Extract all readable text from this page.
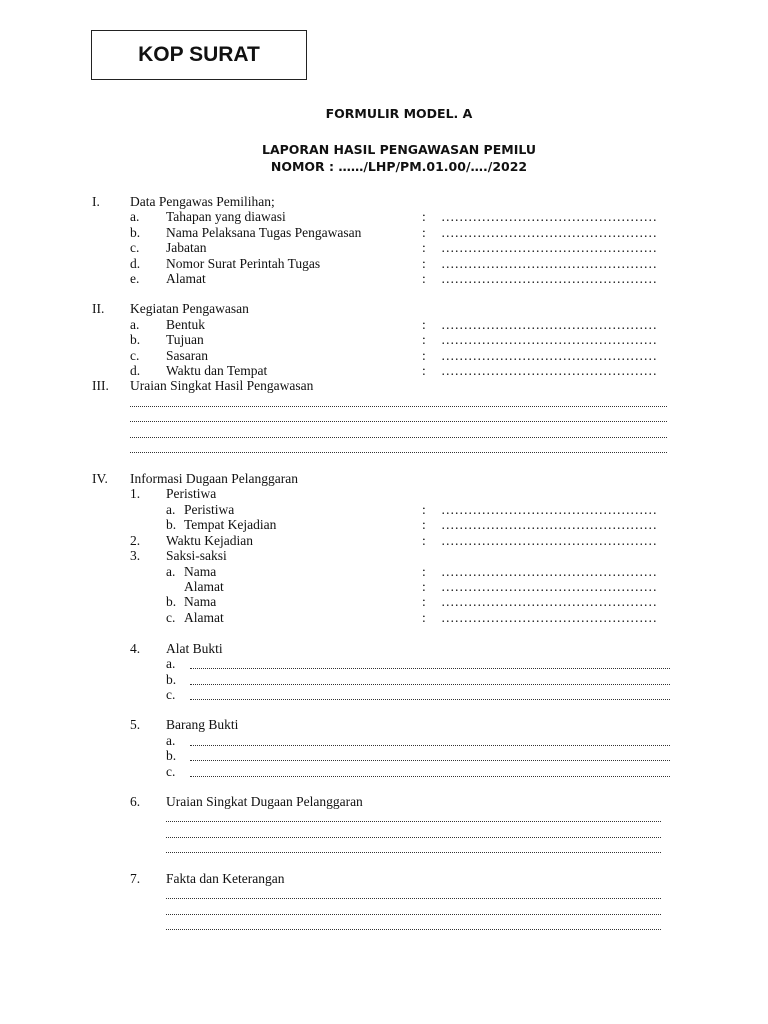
KOP SURAT
FORMULIR MODEL. A
LAPORAN HASIL PENGAWASAN PEMILU
NOMOR : ……/LHP/PM.01.00/…./2022
I. Data Pengawas Pemilihan;
a. Tahapan yang diawasi	: …………………………………………
b. Nama Pelaksana Tugas Pengawasan	: …………………………………………
c. Jabatan	: …………………………………………
d. Nomor Surat Perintah Tugas	: …………………………………………
e. Alamat	: …………………………………………
II. Kegiatan Pengawasan
a. Bentuk	: …………………………………………
b. Tujuan	: …………………………………………
c. Sasaran	: …………………………………………
d. Waktu dan Tempat	: …………………………………………
III. Uraian Singkat Hasil Pengawasan
IV. Informasi Dugaan Pelanggaran
1. Peristiwa
a. Peristiwa	: …………………………………………
b. Tempat Kejadian	: …………………………………………
2. Waktu Kejadian	: …………………………………………
3. Saksi-saksi
a. Nama	: …………………………………………
Alamat	: …………………………………………
b. Nama	: …………………………………………
c. Alamat	: …………………………………………
4. Alat Bukti
a.
b.
c.
5. Barang Bukti
a.
b.
c.
6. Uraian Singkat Dugaan Pelanggaran
7. Fakta dan Keterangan
